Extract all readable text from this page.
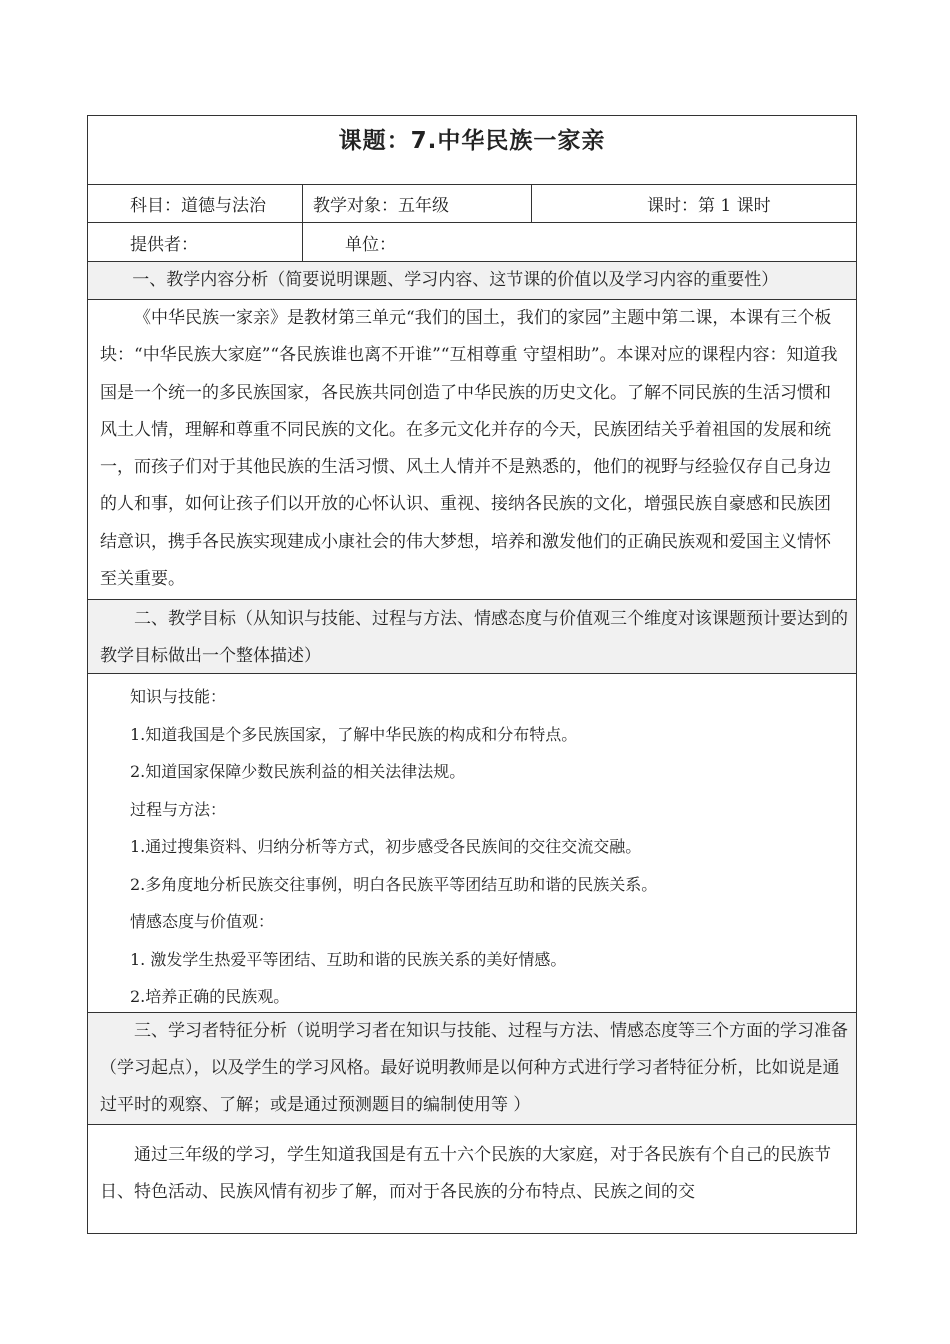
课题：7.中华民族一家亲
科目：道德与法治	教学对象：五年级	课时：第 1 课时
提供者：	单位：
一、教学内容分析（简要说明课题、学习内容、这节课的价值以及学习内容的重要性）
《中华民族一家亲》是教材第三单元“我们的国土，我们的家园”主题中第二课，本课有三个板块：“中华民族大家庭”“各民族谁也离不开谁”“互相尊重 守望相助”。本课对应的课程内容：知道我国是一个统一的多民族国家，各民族共同创造了中华民族的历史文化。了解不同民族的生活习惯和风土人情，理解和尊重不同民族的文化。在多元文化并存的今天，民族团结关乎着祖国的发展和统一，而孩子们对于其他民族的生活习惯、风土人情并不是熟悉的，他们的视野与经验仅存自己身边的人和事，如何让孩子们以开放的心怀认识、重视、接纳各民族的文化，增强民族自豪感和民族团结意识，携手各民族实现建成小康社会的伟大梦想，培养和激发他们的正确民族观和爱国主义情怀至关重要。
二、教学目标（从知识与技能、过程与方法、情感态度与价值观三个维度对该课题预计要达到的教学目标做出一个整体描述）
知识与技能：
1.知道我国是个多民族国家，了解中华民族的构成和分布特点。
2.知道国家保障少数民族利益的相关法律法规。
过程与方法：
1.通过搜集资料、归纳分析等方式，初步感受各民族间的交往交流交融。
2.多角度地分析民族交往事例，明白各民族平等团结互助和谐的民族关系。
情感态度与价值观：
1. 激发学生热爱平等团结、互助和谐的民族关系的美好情感。
2.培养正确的民族观。
三、学习者特征分析（说明学习者在知识与技能、过程与方法、情感态度等三个方面的学习准备（学习起点），以及学生的学习风格。最好说明教师是以何种方式进行学习者特征分析，比如说是通过平时的观察、了解；或是通过预测题目的编制使用等 ）
通过三年级的学习，学生知道我国是有五十六个民族的大家庭，对于各民族有个自己的民族节日、特色活动、民族风情有初步了解，而对于各民族的分布特点、民族之间的交
